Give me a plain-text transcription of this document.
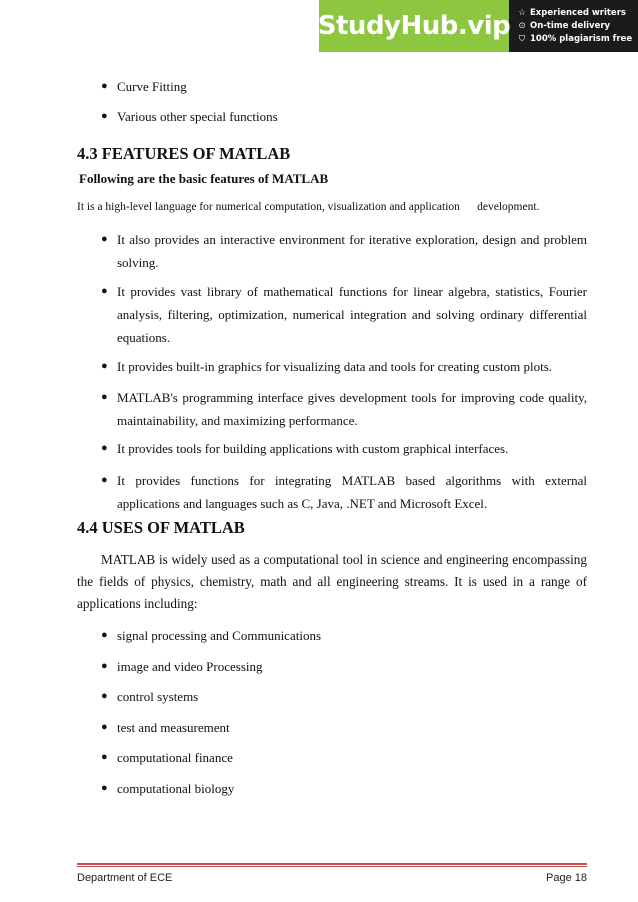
StudyHub.vip ☆ Experienced writers
⊙ On-time delivery
⛉ 100% plagiarism free
● Curve Fitting
● Various other special functions
4.3 FEATURES OF MATLAB
Following are the basic features of MATLAB
It is a high-level language for numerical computation, visualization and application      development.
● It also provides an interactive environment for iterative exploration, design and problem solving.
● It provides vast library of mathematical functions for linear algebra, statistics, Fourier analysis, filtering, optimization, numerical integration and solving ordinary differential equations.
● It provides built-in graphics for visualizing data and tools for creating custom plots.
● MATLAB's programming interface gives development tools for improving code quality, maintainability, and maximizing performance.
● It provides tools for building applications with custom graphical interfaces.
● It provides functions for integrating MATLAB based algorithms with external applications and languages such as C, Java, .NET and Microsoft Excel.
4.4 USES OF MATLAB
MATLAB is widely used as a computational tool in science and engineering encompassing the fields of physics, chemistry, math and all engineering streams. It is used in a range of applications including:
● signal processing and Communications
● image and video Processing
● control systems
● test and measurement
● computational finance
● computational biology
Department of ECE	Page 18
